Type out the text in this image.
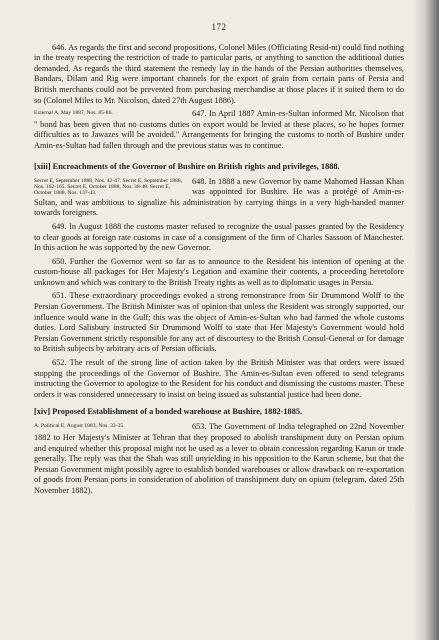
172

646. As regards the first and second propositions, Colonel Miles (Officiating Resid-nt) could find nothing in the treaty respecting the restriction of trade to particular parts, or anything to sanction the additional duties demanded. As regards the third statement the remedy lay in the hands of the Persian authorities themselves, Bandars, Dilam and Rig were important channels for the export of grain from certain parts of Persia and British merchants could not be prevented from purchasing merchandise at those places if it suited them to do so (Colonel Miles to Mr. Nicolson, dated 27th August 1886).

External A, May 1887, Nos. 85-86.	647. In April 1887 Amin-es-Sultan informed Mr. Nicolson that " bond has been given that no customs duties on export would be levied at these places, so he hopes former difficulties as to Jawazes will be avoided." Arrangements for bringing the customs to north of Bushire under Amin-es-Sultan had fallen through and the previous status was to continue.

[xiii] Encroachments of the Governor of Bushire on British rights and privileges, 1888.
Secret E, September 1888, Nos. 42-47. Secret E, September 1888, Nos. 162-165. Secret E, October 1888, Nos. 38-40. Secret E, October 1888, Nos. 137-43.

648. In 1888 a new Governor by name Mahomed Hassan Khan was appointed for Bushire. He was a protégé of Amin-es-Sultan, and was ambitious to signalize his administration by carrying things in a very high-handed manner towards foreigners.

649. In August 1888 the customs master refused to recognize the usual passes granted by the Residency to clear goods at foreign rate customs in case of a consignment of the firm of Charles Sassoon of Manchester. In this action he was supported by the new Governor.

650. Further the Governor went so far as to announce to the Resident his intention of opening at the custom-house all packages for Her Majesty's Legation and examine their contents, a proceeding heretofore unknown and which was contrary to the British Treaty rights as well as to diplomatic usages in Persia.

651. These extraordinary proceedings evoked a strong remonstrance from Sir Drummond Wolff to the Persian Government. The British Minister was of opinion that unless the Resident was strongly supported, our influence would wane in the Gulf; this was the object of Amin-es-Sultan who had farmed the whole customs duties. Lord Salisbury instructed Sir Drummond Wolff to state that Her Majesty's Government would hold Persian Government strictly responsible for any act of discourtesy to the British Consul-General or for damage to British subjects by arbitrary acts of Persian officials.

652. The result of the strong line of action taken by the British Minister was that orders were issued stopping the proceedings of the Governor of Bushire. The Amin-es-Sultan even offered to send telegrams instructing the Governor to apologize to the Resident for his conduct and dismissing the customs master. These orders it was considered unnecessary to insist on being issued as substantial justice had been done.

[xiv] Proposed Establishment of a bonded warehouse at Bushire, 1882-1885.
A. Political E, August 1883, Nos. 33-35.	653. The Government of India telegraphed on 22nd November 1882 to Her Majesty's Minister at Tehran that they proposed to abolish transhipment duty on Persian opium and enquired whether this proposal might not be used as a lever to obtain concession regarding Karun or trade generally. The reply was that the Shah was still unyielding in his opposition to the Karun scheme, but that the Persian Government might possibly agree to establish bonded warehouses or allow drawback on re-exportation of goods from Persian ports in consideration of abolition of transhipment duty on opium (telegram, dated 25th November 1882).
